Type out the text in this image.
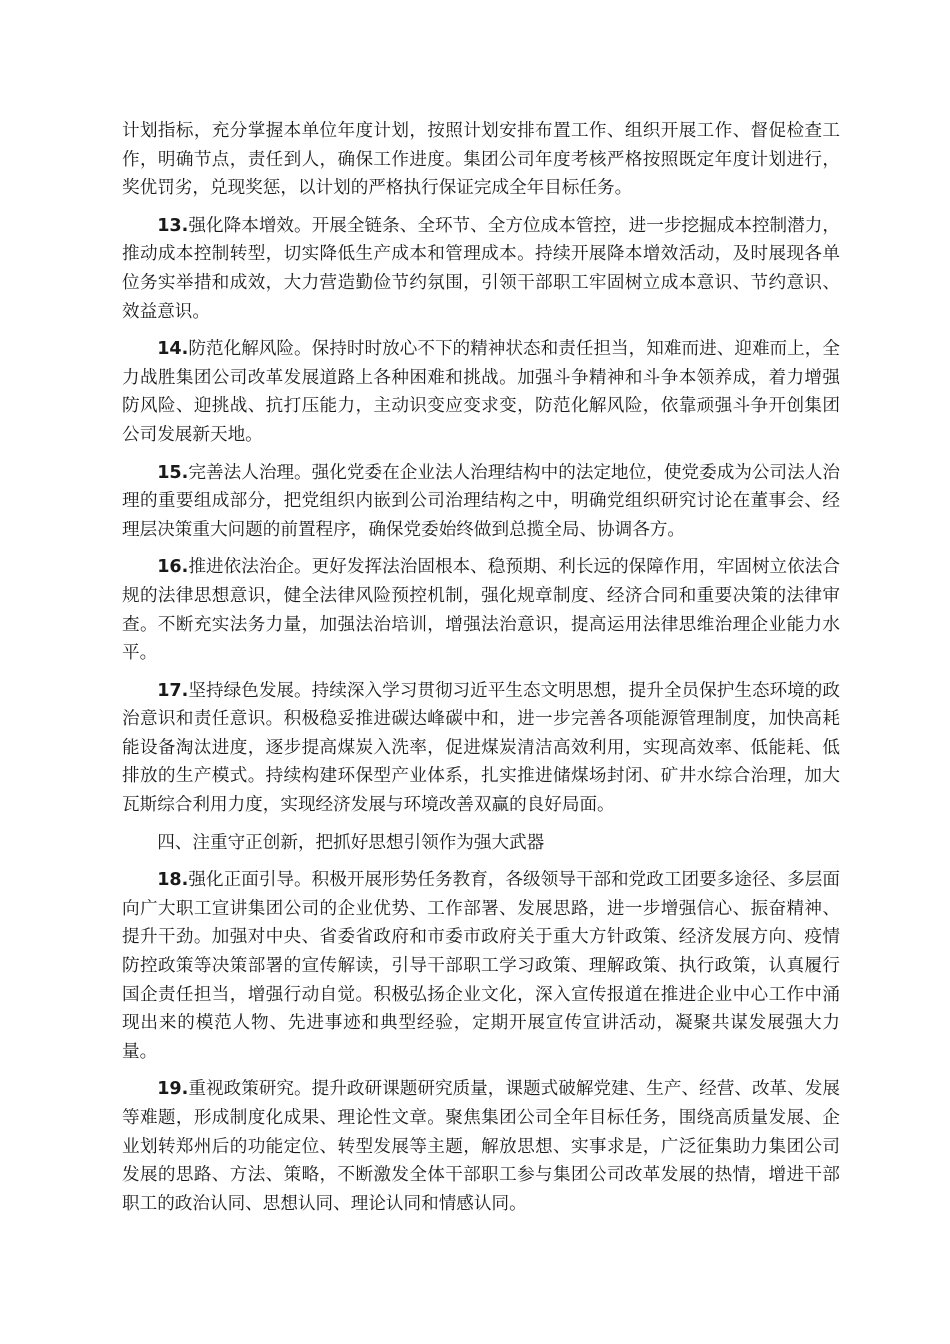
计划指标，充分掌握本单位年度计划，按照计划安排布置工作、组织开展工作、督促检查工作，明确节点，责任到人，确保工作进度。集团公司年度考核严格按照既定年度计划进行，奖优罚劣，兑现奖惩，以计划的严格执行保证完成全年目标任务。

13.强化降本增效。开展全链条、全环节、全方位成本管控，进一步挖掘成本控制潜力，推动成本控制转型，切实降低生产成本和管理成本。持续开展降本增效活动，及时展现各单位务实举措和成效，大力营造勤俭节约氛围，引领干部职工牢固树立成本意识、节约意识、效益意识。

14.防范化解风险。保持时时放心不下的精神状态和责任担当，知难而进、迎难而上，全力战胜集团公司改革发展道路上各种困难和挑战。加强斗争精神和斗争本领养成，着力增强防风险、迎挑战、抗打压能力，主动识变应变求变，防范化解风险，依靠顽强斗争开创集团公司发展新天地。

15.完善法人治理。强化党委在企业法人治理结构中的法定地位，使党委成为公司法人治理的重要组成部分，把党组织内嵌到公司治理结构之中，明确党组织研究讨论在董事会、经理层决策重大问题的前置程序，确保党委始终做到总揽全局、协调各方。

16.推进依法治企。更好发挥法治固根本、稳预期、利长远的保障作用，牢固树立依法合规的法律思想意识，健全法律风险预控机制，强化规章制度、经济合同和重要决策的法律审查。不断充实法务力量，加强法治培训，增强法治意识，提高运用法律思维治理企业能力水平。

17.坚持绿色发展。持续深入学习贯彻习近平生态文明思想，提升全员保护生态环境的政治意识和责任意识。积极稳妥推进碳达峰碳中和，进一步完善各项能源管理制度，加快高耗能设备淘汰进度，逐步提高煤炭入洗率，促进煤炭清洁高效利用，实现高效率、低能耗、低排放的生产模式。持续构建环保型产业体系，扎实推进储煤场封闭、矿井水综合治理，加大瓦斯综合利用力度，实现经济发展与环境改善双赢的良好局面。

四、注重守正创新，把抓好思想引领作为强大武器

18.强化正面引导。积极开展形势任务教育，各级领导干部和党政工团要多途径、多层面向广大职工宣讲集团公司的企业优势、工作部署、发展思路，进一步增强信心、振奋精神、提升干劲。加强对中央、省委省政府和市委市政府关于重大方针政策、经济发展方向、疫情防控政策等决策部署的宣传解读，引导干部职工学习政策、理解政策、执行政策，认真履行国企责任担当，增强行动自觉。积极弘扬企业文化，深入宣传报道在推进企业中心工作中涌现出来的模范人物、先进事迹和典型经验，定期开展宣传宣讲活动，凝聚共谋发展强大力量。

19.重视政策研究。提升政研课题研究质量，课题式破解党建、生产、经营、改革、发展等难题，形成制度化成果、理论性文章。聚焦集团公司全年目标任务，围绕高质量发展、企业划转郑州后的功能定位、转型发展等主题，解放思想、实事求是，广泛征集助力集团公司发展的思路、方法、策略，不断激发全体干部职工参与集团公司改革发展的热情，增进干部职工的政治认同、思想认同、理论认同和情感认同。
